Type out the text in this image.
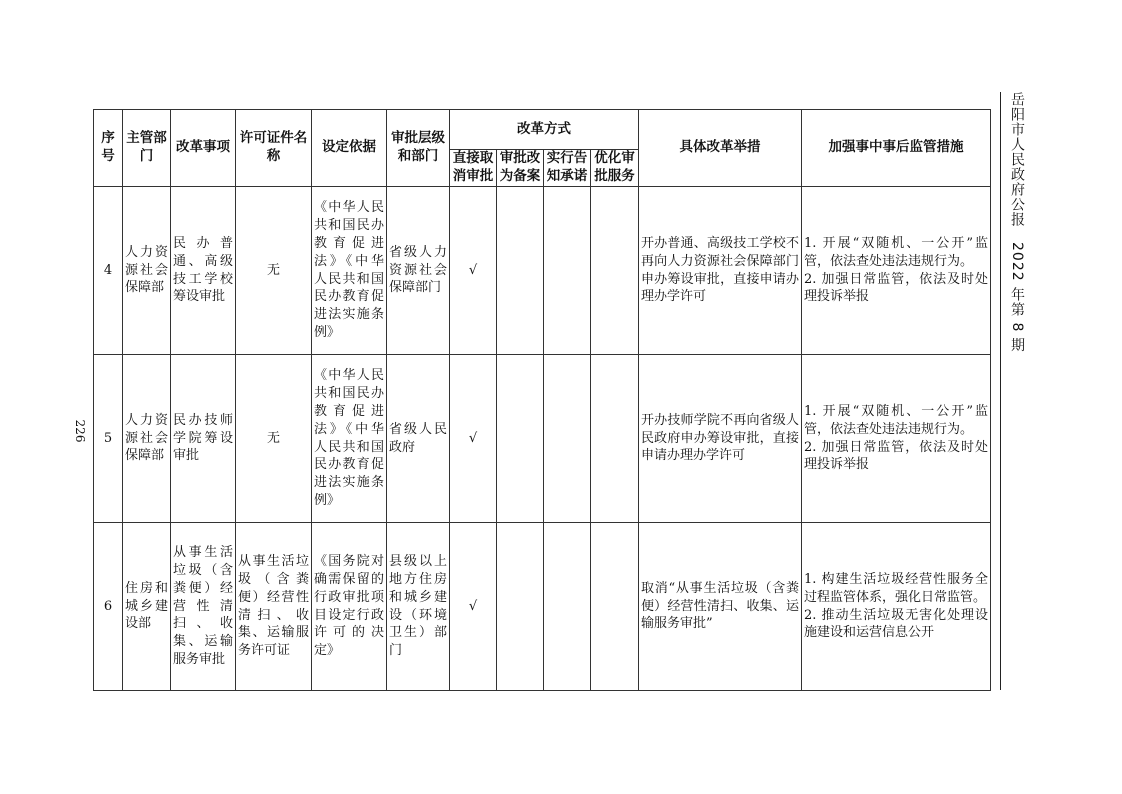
226
岳阳市人民政府公报　2022 年第 8 期
序号	主管部门	改革事项	许可证件名称	设定依据	审批层级和部门	改革方式				具体改革举措	加强事中事后监管措施
						直接取消审批	审批改为备案	实行告知承诺	优化审批服务		
4	人力资源社会保障部	民办普通、高级技工学校筹设审批	无	《中华人民共和国民办教育促进法》《中华人民共和国民办教育促进法实施条例》	省级人力资源社会保障部门	√				开办普通、高级技工学校不再向人力资源社会保障部门申办筹设审批，直接申请办理办学许可	1. 开展“双随机、一公开”监管，依法查处违法违规行为。
2. 加强日常监管，依法及时处理投诉举报

5	人力资源社会保障部	民办技师学院筹设审批	无	《中华人民共和国民办教育促进法》《中华人民共和国民办教育促进法实施条例》	省级人民政府	√				开办技师学院不再向省级人民政府申办筹设审批，直接申请办理办学许可	1. 开展“双随机、一公开”监管，依法查处违法违规行为。
2. 加强日常监管，依法及时处理投诉举报

6	住房和城乡建设部	从事生活垃圾（含粪便）经营性清扫、收集、运输服务审批	从事生活垃圾（含粪便）经营性清扫、收集、运输服务许可证	《国务院对确需保留的行政审批项目设定行政许可的决定》	县级以上地方住房和城乡建设（环境卫生）部门	√				取消“从事生活垃圾（含粪便）经营性清扫、收集、运输服务审批”	1. 构建生活垃圾经营性服务全过程监管体系，强化日常监管。
2. 推动生活垃圾无害化处理设施建设和运营信息公开
